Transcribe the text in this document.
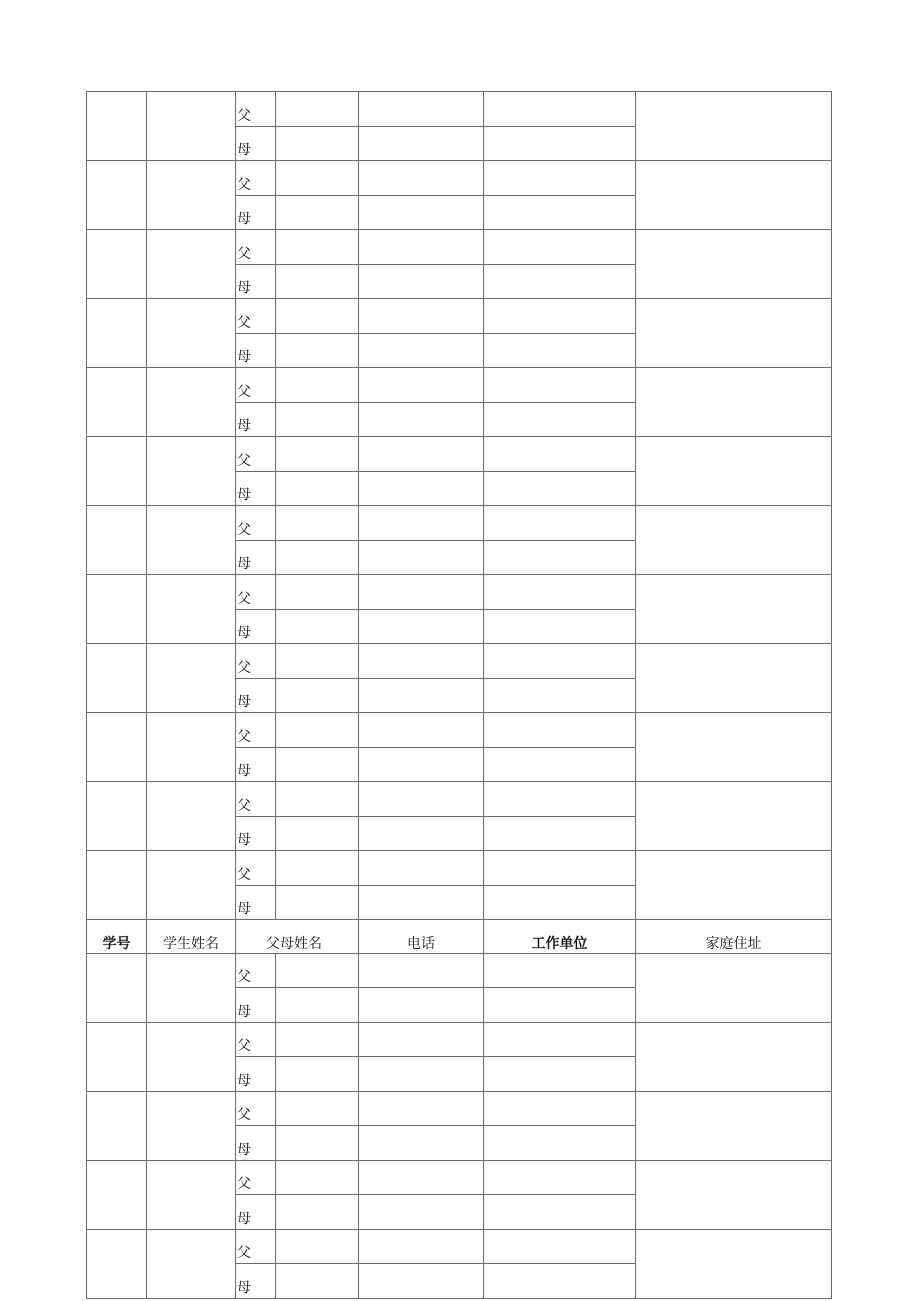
		父				
		母				
		父				
		母				
		父				
		母				
		父				
		母				
		父				
		母				
		父				
		母				
		父				
		母				
		父				
		母				
		父				
		母				
		父				
		母				
		父				
		母				
		父				
		母				
学号	学生姓名	父母姓名		电话	工作单位	家庭住址
		父				
		母				
		父				
		母				
		父				
		母				
		父				
		母				
		父				
		母				
